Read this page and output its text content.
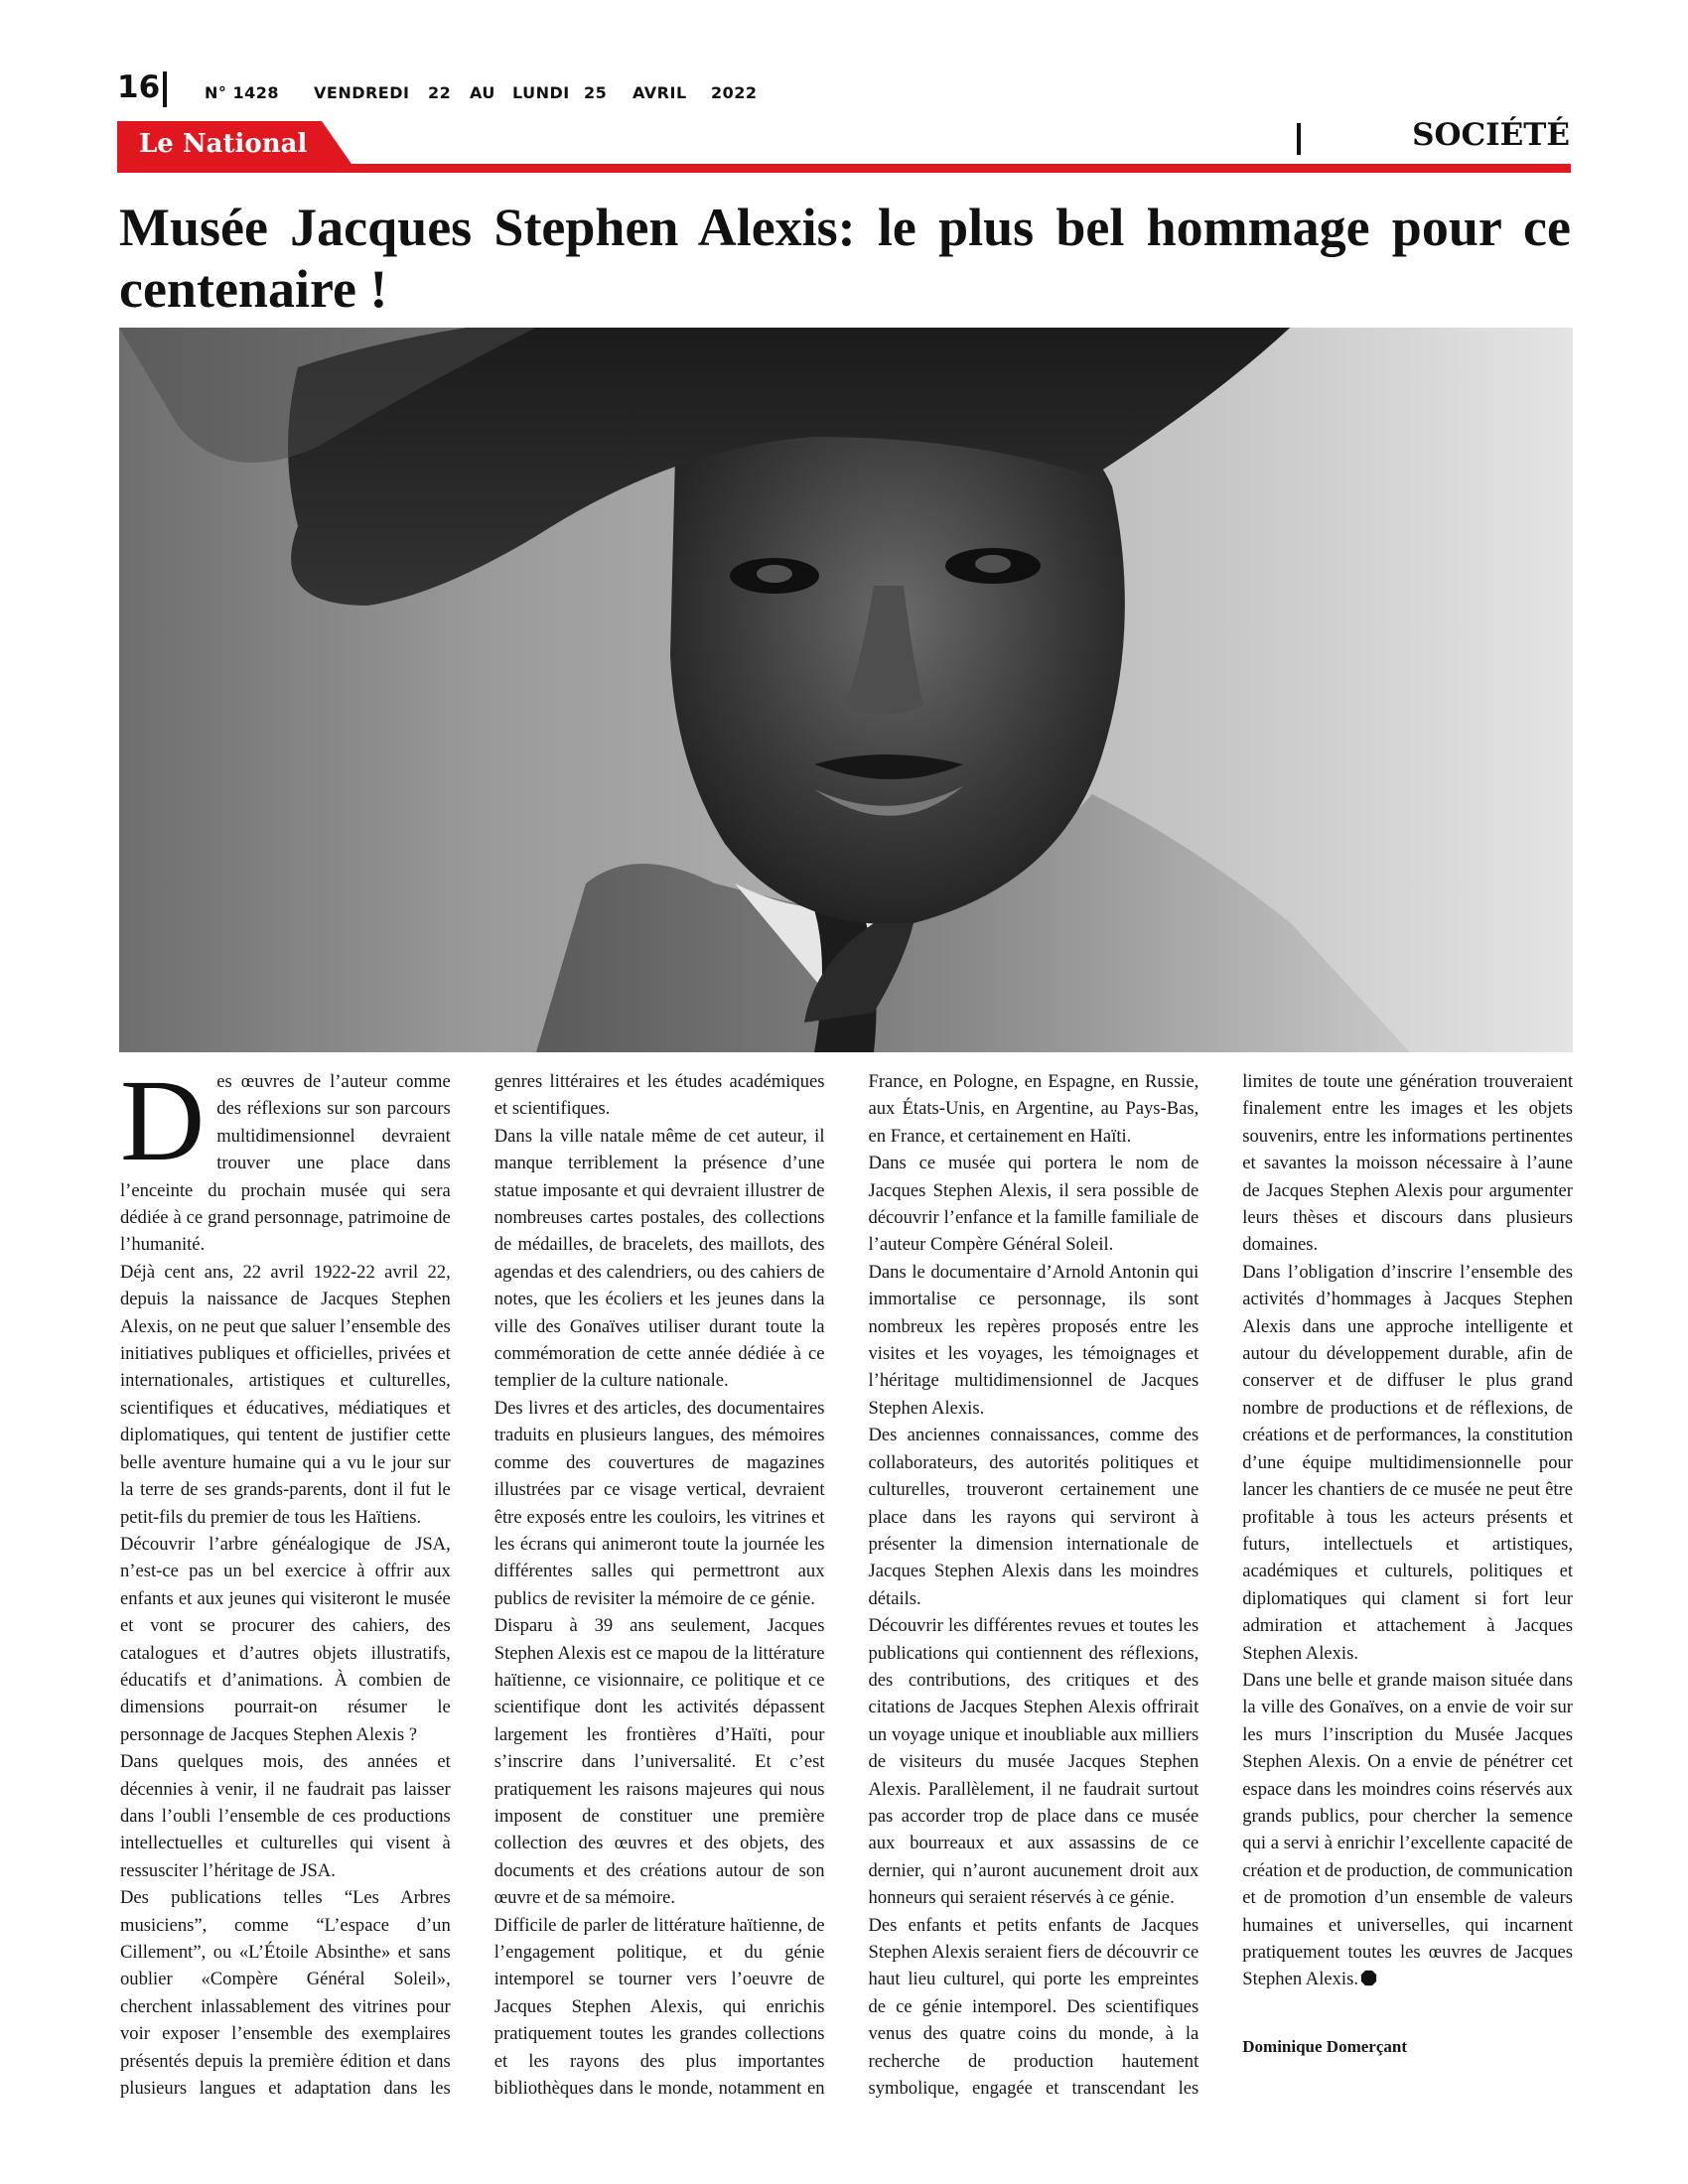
16	N° 1428 VENDREDI 22 AU LUNDI 25 AVRIL 2022
Le National	SOCIÉTÉ
Musée Jacques Stephen Alexis: le plus bel hommage pour ce centenaire !

Des œuvres de l’auteur comme des réflexions sur son parcours multidimensionnel devraient trouver une place dans l’enceinte du prochain musée qui sera dédiée à ce grand personnage, patrimoine de l’humanité.

Déjà cent ans, 22 avril 1922-22 avril 22, depuis la naissance de Jacques Stephen Alexis, on ne peut que saluer l’ensemble des initiatives publiques et officielles, privées et internationales, artistiques et culturelles, scientifiques et éducatives, médiatiques et diplomatiques, qui tentent de justifier cette belle aventure humaine qui a vu le jour sur la terre de ses grands-parents, dont il fut le petit-fils du premier de tous les Haïtiens.

Découvrir l’arbre généalogique de JSA, n’est-ce pas un bel exercice à offrir aux enfants et aux jeunes qui visiteront le musée et vont se procurer des cahiers, des catalogues et d’autres objets illustratifs, éducatifs et d’animations. À combien de dimensions pourrait-on résumer le personnage de Jacques Stephen Alexis ?

Dans quelques mois, des années et décennies à venir, il ne faudrait pas laisser dans l’oubli l’ensemble de ces productions intellectuelles et culturelles qui visent à ressusciter l’héritage de JSA.

Des publications telles “Les Arbres musiciens”, comme “L’espace d’un Cillement”, ou «L’Étoile Absinthe» et sans oublier «Compère Général Soleil», cherchent inlassablement des vitrines pour voir exposer l’ensemble des exemplaires présentés depuis la première édition et dans plusieurs langues et adaptation dans les genres littéraires et les études académiques et scientifiques.

Dans la ville natale même de cet auteur, il manque terriblement la présence d’une statue imposante et qui devraient illustrer de nombreuses cartes postales, des collections de médailles, de bracelets, des maillots, des agendas et des calendriers, ou des cahiers de notes, que les écoliers et les jeunes dans la ville des Gonaïves utiliser durant toute la commémoration de cette année dédiée à ce templier de la culture nationale.

Des livres et des articles, des documentaires traduits en plusieurs langues, des mémoires comme des couvertures de magazines illustrées par ce visage vertical, devraient être exposés entre les couloirs, les vitrines et les écrans qui animeront toute la journée les différentes salles qui permettront aux publics de revisiter la mémoire de ce génie.

Disparu à 39 ans seulement, Jacques Stephen Alexis est ce mapou de la littérature haïtienne, ce visionnaire, ce politique et ce scientifique dont les activités dépassent largement les frontières d’Haïti, pour s’inscrire dans l’universalité. Et c’est pratiquement les raisons majeures qui nous imposent de constituer une première collection des œuvres et des objets, des documents et des créations autour de son œuvre et de sa mémoire.

Difficile de parler de littérature haïtienne, de l’engagement politique, et du génie intemporel se tourner vers l’oeuvre de Jacques Stephen Alexis, qui enrichis pratiquement toutes les grandes collections et les rayons des plus importantes bibliothèques dans le monde, notamment en France, en Pologne, en Espagne, en Russie, aux États-Unis, en Argentine, au Pays-Bas, en France, et certainement en Haïti.

Dans ce musée qui portera le nom de Jacques Stephen Alexis, il sera possible de découvrir l’enfance et la famille familiale de l’auteur Compère Général Soleil.

Dans le documentaire d’Arnold Antonin qui immortalise ce personnage, ils sont nombreux les repères proposés entre les visites et les voyages, les témoignages et l’héritage multidimensionnel de Jacques Stephen Alexis.

Des anciennes connaissances, comme des collaborateurs, des autorités politiques et culturelles, trouveront certainement une place dans les rayons qui serviront à présenter la dimension internationale de Jacques Stephen Alexis dans les moindres détails.

Découvrir les différentes revues et toutes les publications qui contiennent des réflexions, des contributions, des critiques et des citations de Jacques Stephen Alexis offrirait un voyage unique et inoubliable aux milliers de visiteurs du musée Jacques Stephen Alexis. Parallèlement, il ne faudrait surtout pas accorder trop de place dans ce musée aux bourreaux et aux assassins de ce dernier, qui n’auront aucunement droit aux honneurs qui seraient réservés à ce génie.

Des enfants et petits enfants de Jacques Stephen Alexis seraient fiers de découvrir ce haut lieu culturel, qui porte les empreintes de ce génie intemporel. Des scientifiques venus des quatre coins du monde, à la recherche de production hautement symbolique, engagée et transcendant les limites de toute une génération trouveraient finalement entre les images et les objets souvenirs, entre les informations pertinentes et savantes la moisson nécessaire à l’aune de Jacques Stephen Alexis pour argumenter leurs thèses et discours dans plusieurs domaines.

Dans l’obligation d’inscrire l’ensemble des activités d’hommages à Jacques Stephen Alexis dans une approche intelligente et autour du développement durable, afin de conserver et de diffuser le plus grand nombre de productions et de réflexions, de créations et de performances, la constitution d’une équipe multidimensionnelle pour lancer les chantiers de ce musée ne peut être profitable à tous les acteurs présents et futurs, intellectuels et artistiques, académiques et culturels, politiques et diplomatiques qui clament si fort leur admiration et attachement à Jacques Stephen Alexis.

Dans une belle et grande maison située dans la ville des Gonaïves, on a envie de voir sur les murs l’inscription du Musée Jacques Stephen Alexis. On a envie de pénétrer cet espace dans les moindres coins réservés aux grands publics, pour chercher la semence qui a servi à enrichir l’excellente capacité de création et de production, de communication et de promotion d’un ensemble de valeurs humaines et universelles, qui incarnent pratiquement toutes les œuvres de Jacques Stephen Alexis.

Dominique Domerçant
